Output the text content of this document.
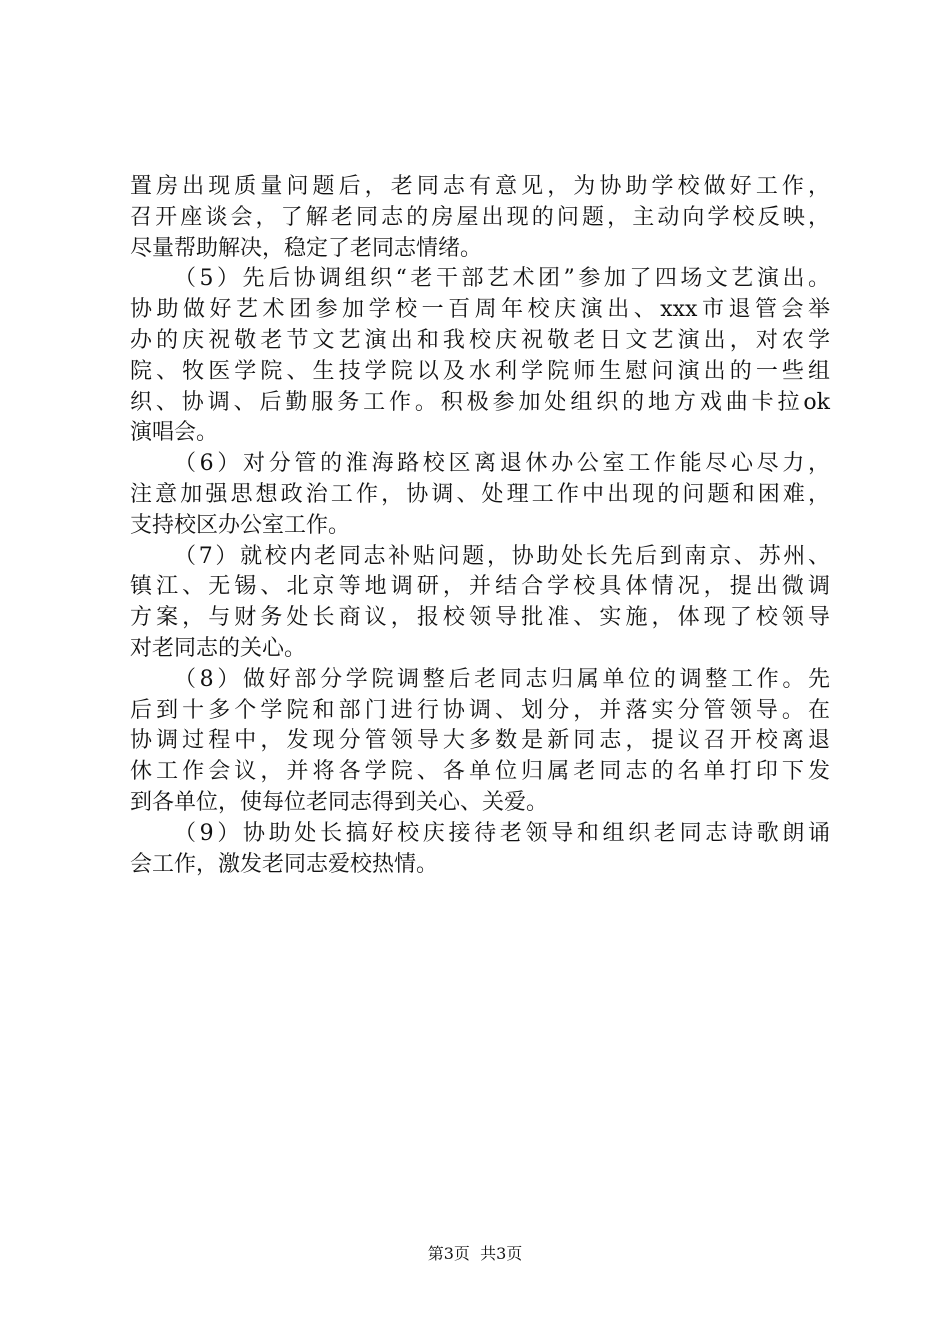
置房出现质量问题后，老同志有意见，为协助学校做好工作，
召开座谈会，了解老同志的房屋出现的问题，主动向学校反映，
尽量帮助解决，稳定了老同志情绪。
（5）先后协调组织“老干部艺术团”参加了四场文艺演出。
协助做好艺术团参加学校一百周年校庆演出、xxx市退管会举
办的庆祝敬老节文艺演出和我校庆祝敬老日文艺演出，对农学
院、牧医学院、生技学院以及水利学院师生慰问演出的一些组
织、协调、后勤服务工作。积极参加处组织的地方戏曲卡拉ok
演唱会。
（6）对分管的淮海路校区离退休办公室工作能尽心尽力，
注意加强思想政治工作，协调、处理工作中出现的问题和困难，
支持校区办公室工作。
（7）就校内老同志补贴问题，协助处长先后到南京、苏州、
镇江、无锡、北京等地调研，并结合学校具体情况，提出微调
方案，与财务处长商议，报校领导批准、实施，体现了校领导
对老同志的关心。
（8）做好部分学院调整后老同志归属单位的调整工作。先
后到十多个学院和部门进行协调、划分，并落实分管领导。在
协调过程中，发现分管领导大多数是新同志，提议召开校离退
休工作会议，并将各学院、各单位归属老同志的名单打印下发
到各单位，使每位老同志得到关心、关爱。
（9）协助处长搞好校庆接待老领导和组织老同志诗歌朗诵
会工作，激发老同志爱校热情。
第3页 共3页
